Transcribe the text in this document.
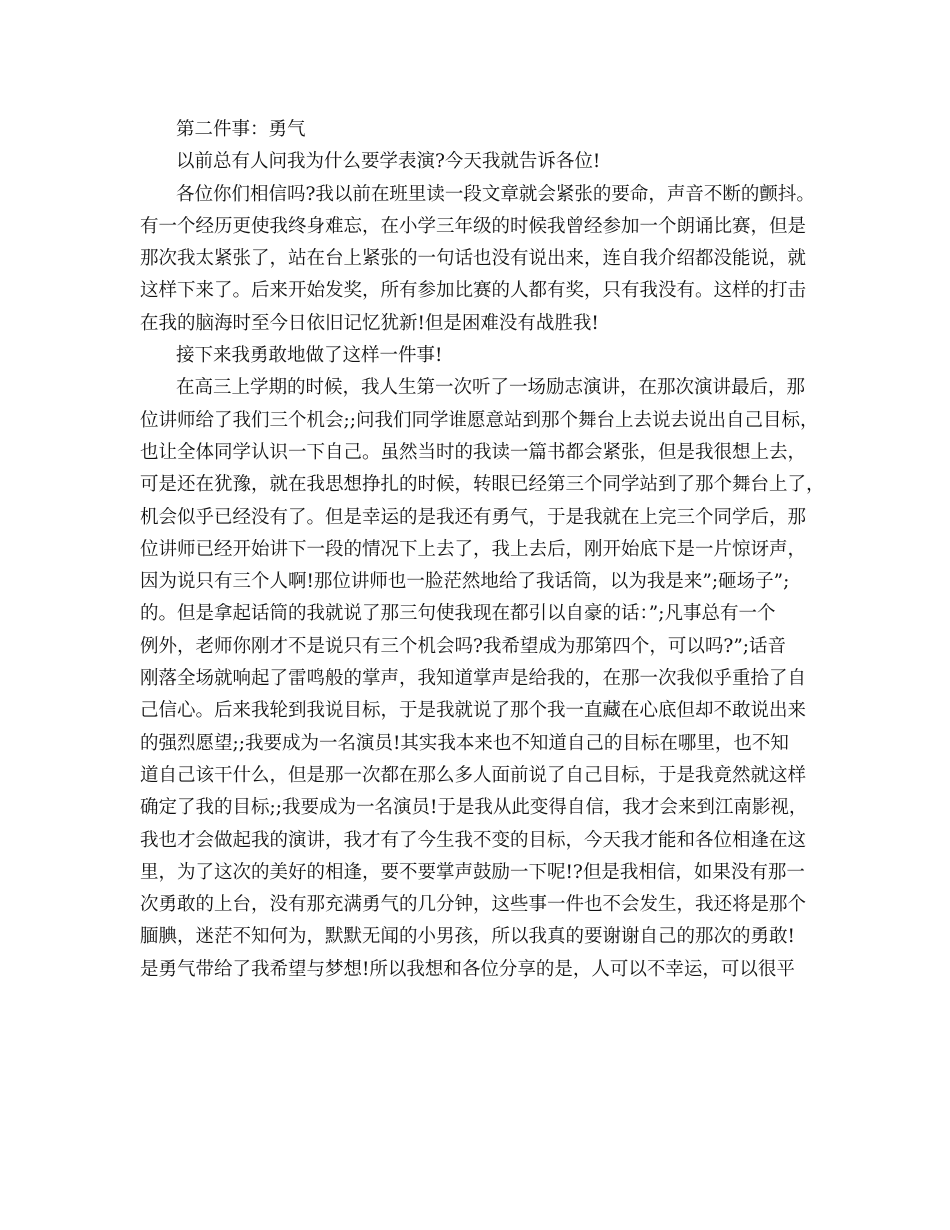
第二件事：勇气
以前总有人问我为什么要学表演?今天我就告诉各位!
各位你们相信吗?我以前在班里读一段文章就会紧张的要命，声音不断的颤抖。
有一个经历更使我终身难忘，在小学三年级的时候我曾经参加一个朗诵比赛，但是
那次我太紧张了，站在台上紧张的一句话也没有说出来，连自我介绍都没能说，就
这样下来了。后来开始发奖，所有参加比赛的人都有奖，只有我没有。这样的打击
在我的脑海时至今日依旧记忆犹新!但是困难没有战胜我!
接下来我勇敢地做了这样一件事!
在高三上学期的时候，我人生第一次听了一场励志演讲，在那次演讲最后，那
位讲师给了我们三个机会;;问我们同学谁愿意站到那个舞台上去说去说出自己目标，
也让全体同学认识一下自己。虽然当时的我读一篇书都会紧张，但是我很想上去，
可是还在犹豫，就在我思想挣扎的时候，转眼已经第三个同学站到了那个舞台上了，
机会似乎已经没有了。但是幸运的是我还有勇气，于是我就在上完三个同学后，那
位讲师已经开始讲下一段的情况下上去了，我上去后，刚开始底下是一片惊讶声，
因为说只有三个人啊!那位讲师也一脸茫然地给了我话筒，以为我是来”;砸场子”;
的。但是拿起话筒的我就说了那三句使我现在都引以自豪的话：”;凡事总有一个
例外，老师你刚才不是说只有三个机会吗?我希望成为那第四个，可以吗?”;话音
刚落全场就响起了雷鸣般的掌声，我知道掌声是给我的，在那一次我似乎重拾了自
己信心。后来我轮到我说目标，于是我就说了那个我一直藏在心底但却不敢说出来
的强烈愿望;;我要成为一名演员!其实我本来也不知道自己的目标在哪里，也不知
道自己该干什么，但是那一次都在那么多人面前说了自己目标，于是我竟然就这样
确定了我的目标;;我要成为一名演员!于是我从此变得自信，我才会来到江南影视，
我也才会做起我的演讲，我才有了今生我不变的目标，今天我才能和各位相逢在这
里，为了这次的美好的相逢，要不要掌声鼓励一下呢!?但是我相信，如果没有那一
次勇敢的上台，没有那充满勇气的几分钟，这些事一件也不会发生，我还将是那个
腼腆，迷茫不知何为，默默无闻的小男孩，所以我真的要谢谢自己的那次的勇敢!
是勇气带给了我希望与梦想!所以我想和各位分享的是，人可以不幸运，可以很平
